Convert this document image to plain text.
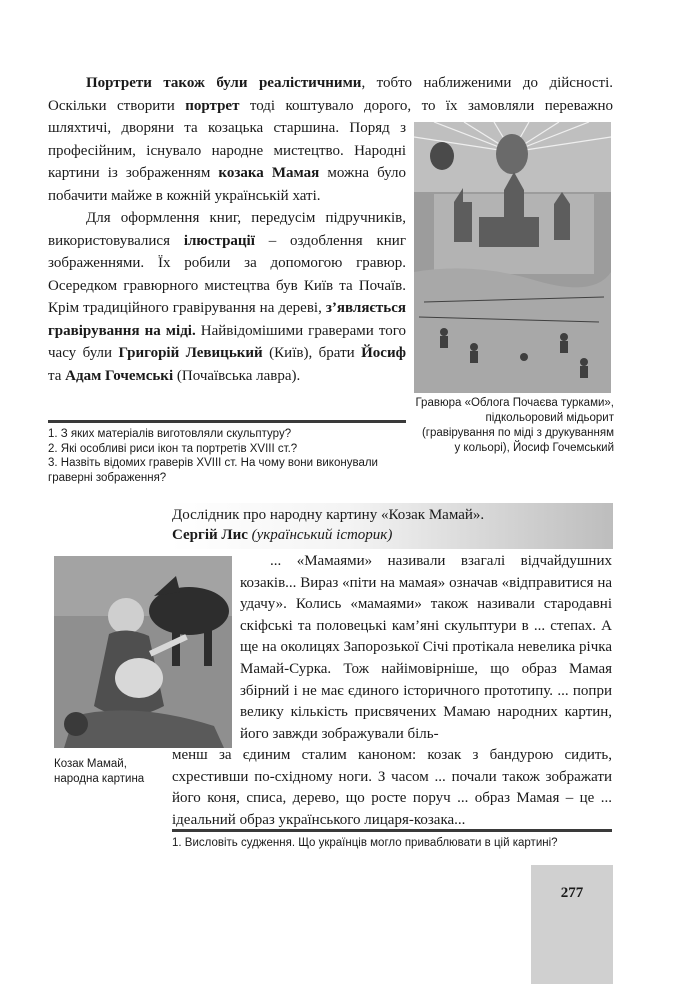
Портрети також були реалістичними, тобто наближеними до дійсності. Оскільки створити портрет тоді коштувало дорого, то їх замовляли переважно шляхтичі, дворяни та козацька старшина. Поряд з професійним, існувало народне мистецтво. Народні картини із зображенням козака Мамая можна було побачити майже в кожній українській хаті.

Для оформлення книг, передусім підручників, використовувалися ілюстрації – оздоблення книг зображеннями. Їх робили за допомогою гравюр. Осередком гравюрного мистецтва був Київ та Почаїв. Крім традиційного гравірування на дереві, з’являється гравірування на міді. Найвідомішими граверами того часу були Григорій Левицький (Київ), брати Йосиф та Адам Гочемські (Почаївська лавра).

Гравюра «Облога Почаєва турками», підкольоровий мідьорит (гравірування по міді з друкуванням у кольорі), Йосиф Гочемський

1. З яких матеріалів виготовляли скульптуру?

2. Які особливі риси ікон та портретів XVIII ст.?

3. Назвіть відомих граверів XVIII ст. На чому вони виконували граверні зображення?

Дослідник про народну картину «Козак Мамай».
Сергій Лис (український історик)
Козак Мамай, народна картина

... «Мамаями» називали взагалі відчайдушних козаків... Вираз «піти на мамая» означав «відправитися на удачу». Колись «мамаями» також називали стародавні скіфські та половецькі кам’яні скульптури в ... степах. А ще на околицях Запорозької Січі протікала невелика річка Мамай-Сурка. Тож найімовірніше, що образ Мамая збірний і не має єдиного історичного прототипу. ... попри велику кількість присвячених Мамаю народних картин, його завжди зображували біль-

менш за єдиним сталим каноном: козак з бандурою сидить, схрестивши по-східному ноги. З часом ... почали також зображати його коня, списа, дерево, що росте поруч ... образ Мамая – це ... ідеальний образ українського лицаря-козака...

1. Висловіть судження. Що українців могло приваблювати в цій картині?

277
